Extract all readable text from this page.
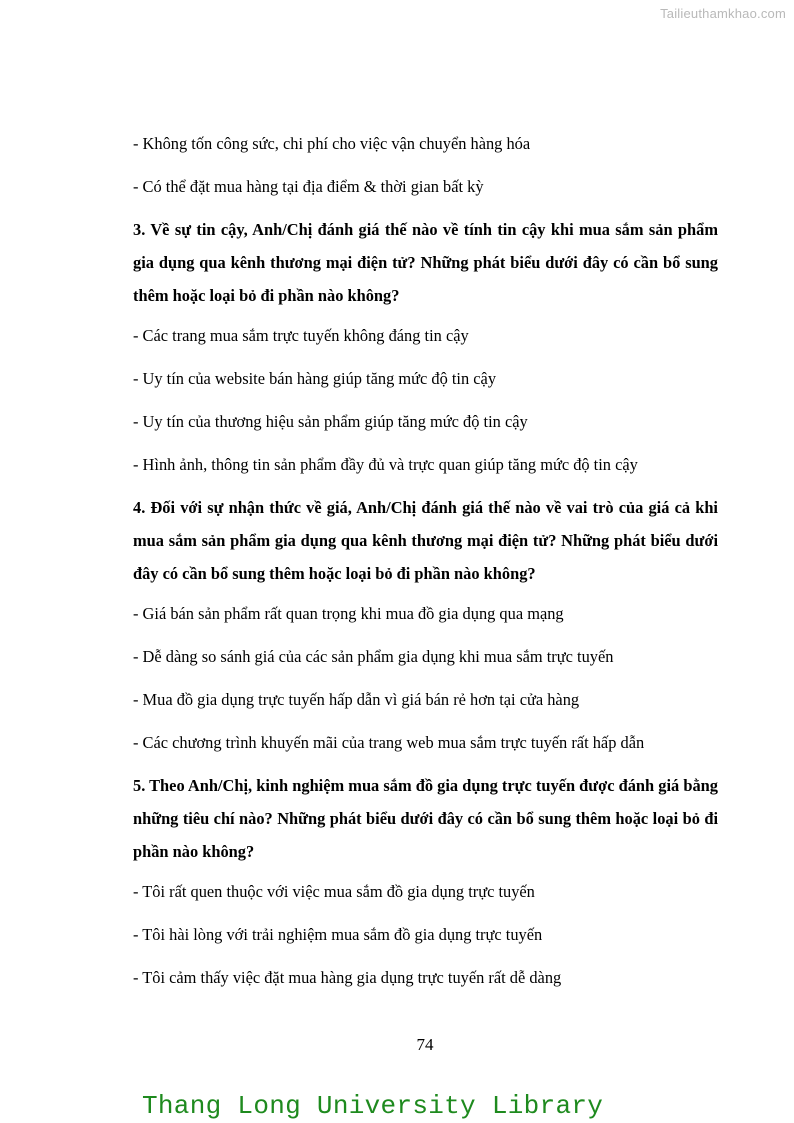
Tailieuthamkhao.com
- Không tốn công sức, chi phí cho việc vận chuyển hàng hóa
- Có thể đặt mua hàng tại địa điểm & thời gian bất kỳ
3. Về sự tin cậy, Anh/Chị đánh giá thế nào về tính tin cậy khi mua sắm sản phẩm gia dụng qua kênh thương mại điện tử? Những phát biểu dưới đây có cần bổ sung thêm hoặc loại bỏ đi phần nào không?
- Các trang mua sắm trực tuyến không đáng tin cậy
- Uy tín của website bán hàng giúp tăng mức độ tin cậy
- Uy tín của thương hiệu sản phẩm giúp tăng mức độ tin cậy
- Hình ảnh, thông tin sản phẩm đầy đủ và trực quan giúp tăng mức độ tin cậy
4. Đối với sự nhận thức về giá, Anh/Chị đánh giá thế nào về vai trò của giá cả khi mua sắm sản phẩm gia dụng qua kênh thương mại điện tử? Những phát biểu dưới đây có cần bổ sung thêm hoặc loại bỏ đi phần nào không?
- Giá bán sản phẩm rất quan trọng khi mua đồ gia dụng qua mạng
- Dễ dàng so sánh giá của các sản phẩm gia dụng khi mua sắm trực tuyến
- Mua đồ gia dụng trực tuyến hấp dẫn vì giá bán rẻ hơn tại cửa hàng
- Các chương trình khuyến mãi của trang web mua sắm trực tuyến rất hấp dẫn
5. Theo Anh/Chị, kinh nghiệm mua sắm đồ gia dụng trực tuyến được đánh giá bằng những tiêu chí nào? Những phát biểu dưới đây có cần bổ sung thêm hoặc loại bỏ đi phần nào không?
- Tôi rất quen thuộc với việc mua sắm đồ gia dụng trực tuyến
- Tôi hài lòng với trải nghiệm mua sắm đồ gia dụng trực tuyến
- Tôi cảm thấy việc đặt mua hàng gia dụng trực tuyến rất dễ dàng
74
Thang Long University Library
